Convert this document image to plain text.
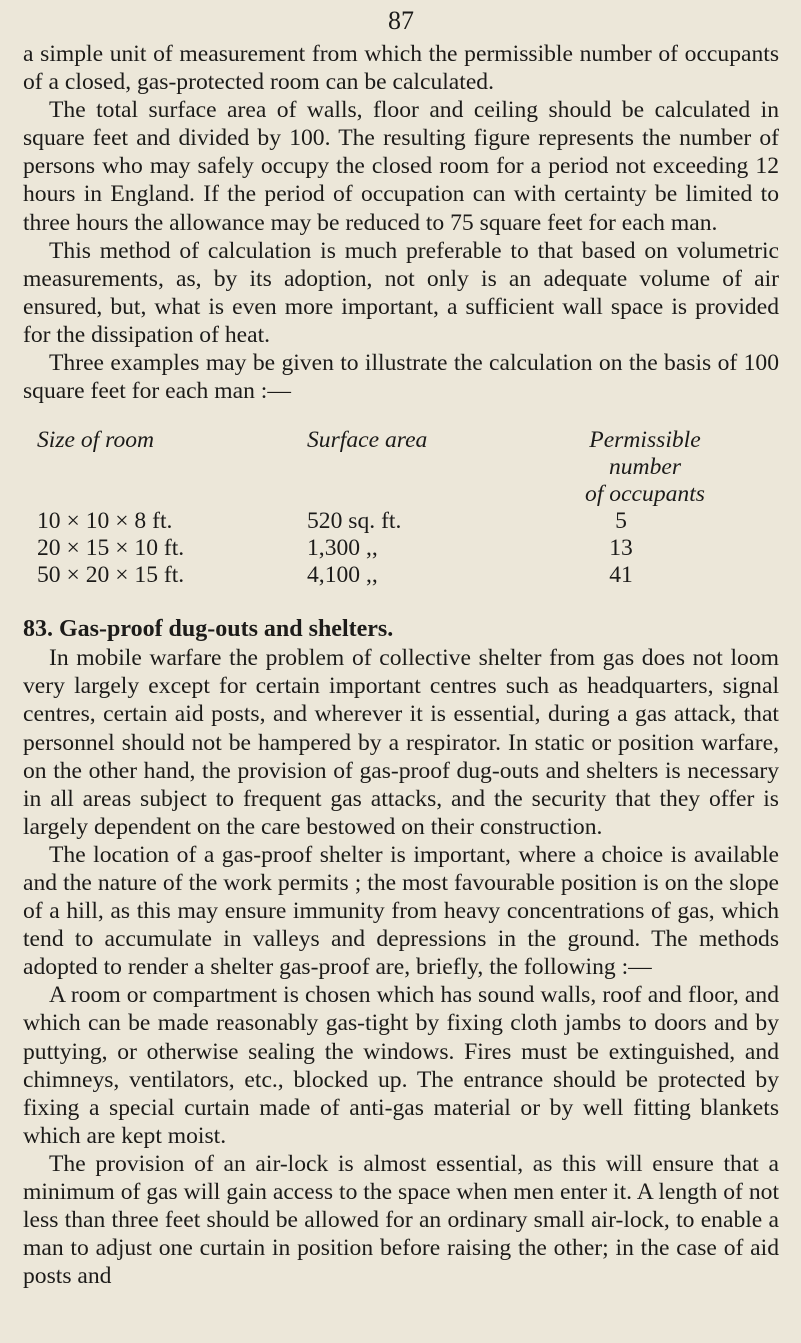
87

a simple unit of measurement from which the permissible number of occupants of a closed, gas-protected room can be calculated.

The total surface area of walls, floor and ceiling should be calculated in square feet and divided by 100. The resulting figure represents the number of persons who may safely occupy the closed room for a period not exceeding 12 hours in England. If the period of occupation can with certainty be limited to three hours the allowance may be reduced to 75 square feet for each man.

This method of calculation is much preferable to that based on volumetric measurements, as, by its adoption, not only is an adequate volume of air ensured, but, what is even more important, a sufficient wall space is provided for the dissipation of heat.

Three examples may be given to illustrate the calculation on the basis of 100 square feet for each man :—

Size of room	Surface area	Permissible number
of occupants
10 × 10 × 8 ft.	520 sq. ft.	5
20 × 15 × 10 ft.	1,300 ,,	13
50 × 20 × 15 ft.	4,100 ,,	41
83. Gas-proof dug-outs and shelters.

In mobile warfare the problem of collective shelter from gas does not loom very largely except for certain important centres such as headquarters, signal centres, certain aid posts, and wherever it is essential, during a gas attack, that personnel should not be hampered by a respirator. In static or position warfare, on the other hand, the provision of gas-proof dug-outs and shelters is necessary in all areas subject to frequent gas attacks, and the security that they offer is largely dependent on the care bestowed on their construction.

The location of a gas-proof shelter is important, where a choice is available and the nature of the work permits ; the most favourable position is on the slope of a hill, as this may ensure immunity from heavy concentrations of gas, which tend to accumulate in valleys and depressions in the ground. The methods adopted to render a shelter gas-proof are, briefly, the following :—

A room or compartment is chosen which has sound walls, roof and floor, and which can be made reasonably gas-tight by fixing cloth jambs to doors and by puttying, or otherwise sealing the windows. Fires must be extinguished, and chimneys, ventilators, etc., blocked up. The entrance should be protected by fixing a special curtain made of anti-gas material or by well fitting blankets which are kept moist.

The provision of an air-lock is almost essential, as this will ensure that a minimum of gas will gain access to the space when men enter it. A length of not less than three feet should be allowed for an ordinary small air-lock, to enable a man to adjust one curtain in position before raising the other; in the case of aid posts and
